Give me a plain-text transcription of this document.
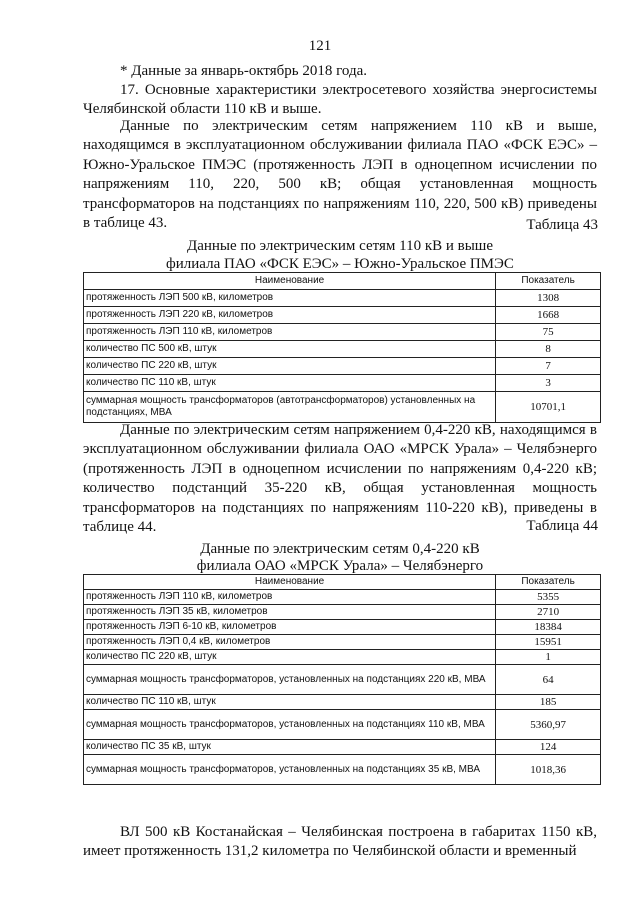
121

* Данные за январь-октябрь 2018 года.

17. Основные характеристики электросетевого хозяйства энергосистемы Челябинской области 110 кВ и выше.

Данные по электрическим сетям напряжением 110 кВ и выше, находящимся в эксплуатационном обслуживании филиала ПАО «ФСК ЕЭС» – Южно-Уральское ПМЭС (протяженность ЛЭП в одноцепном исчислении по напряжениям 110, 220, 500 кВ; общая установленная мощность трансформаторов на подстанциях по напряжениям 110, 220, 500 кВ) приведены в таблице 43.	Таблица 43
Данные по электрическим сетям 110 кВ и выше
филиала ПАО «ФСК ЕЭС» – Южно-Уральское ПМЭС
Наименование	Показатель
протяженность ЛЭП 500 кВ, километров	1308
протяженность ЛЭП 220 кВ, километров	1668
протяженность ЛЭП 110 кВ, километров	75
количество ПС 500 кВ, штук	8
количество ПС 220 кВ, штук	7
количество ПС 110 кВ, штук	3
суммарная мощность трансформаторов (автотрансформаторов) установленных на подстанциях, МВА	10701,1

Данные по электрическим сетям напряжением 0,4-220 кВ, находящимся в эксплуатационном обслуживании филиала ОАО «МРСК Урала» – Челябэнерго (протяженность ЛЭП в одноцепном исчислении по напряжениям 0,4-220 кВ; количество подстанций 35-220 кВ, общая установленная мощность трансформаторов на подстанциях по напряжениям 110-220 кВ), приведены в таблице 44.	Таблица 44
Данные по электрическим сетям 0,4-220 кВ
филиала ОАО «МРСК Урала» – Челябэнерго
Наименование	Показатель
протяженность ЛЭП 110 кВ, километров	5355
протяженность ЛЭП 35 кВ, километров	2710
протяженность ЛЭП 6-10 кВ, километров	18384
протяженность ЛЭП 0,4 кВ, километров	15951
количество ПС 220 кВ, штук	1
суммарная мощность трансформаторов, установленных на подстанциях 220 кВ, МВА	64
количество ПС 110 кВ, штук	185
суммарная мощность трансформаторов, установленных на подстанциях 110 кВ, МВА	5360,97
количество ПС 35 кВ, штук	124
суммарная мощность трансформаторов, установленных на подстанциях 35 кВ, МВА	1018,36

ВЛ 500 кВ Костанайская – Челябинская построена в габаритах 1150 кВ, имеет протяженность 131,2 километра по Челябинской области и временный
